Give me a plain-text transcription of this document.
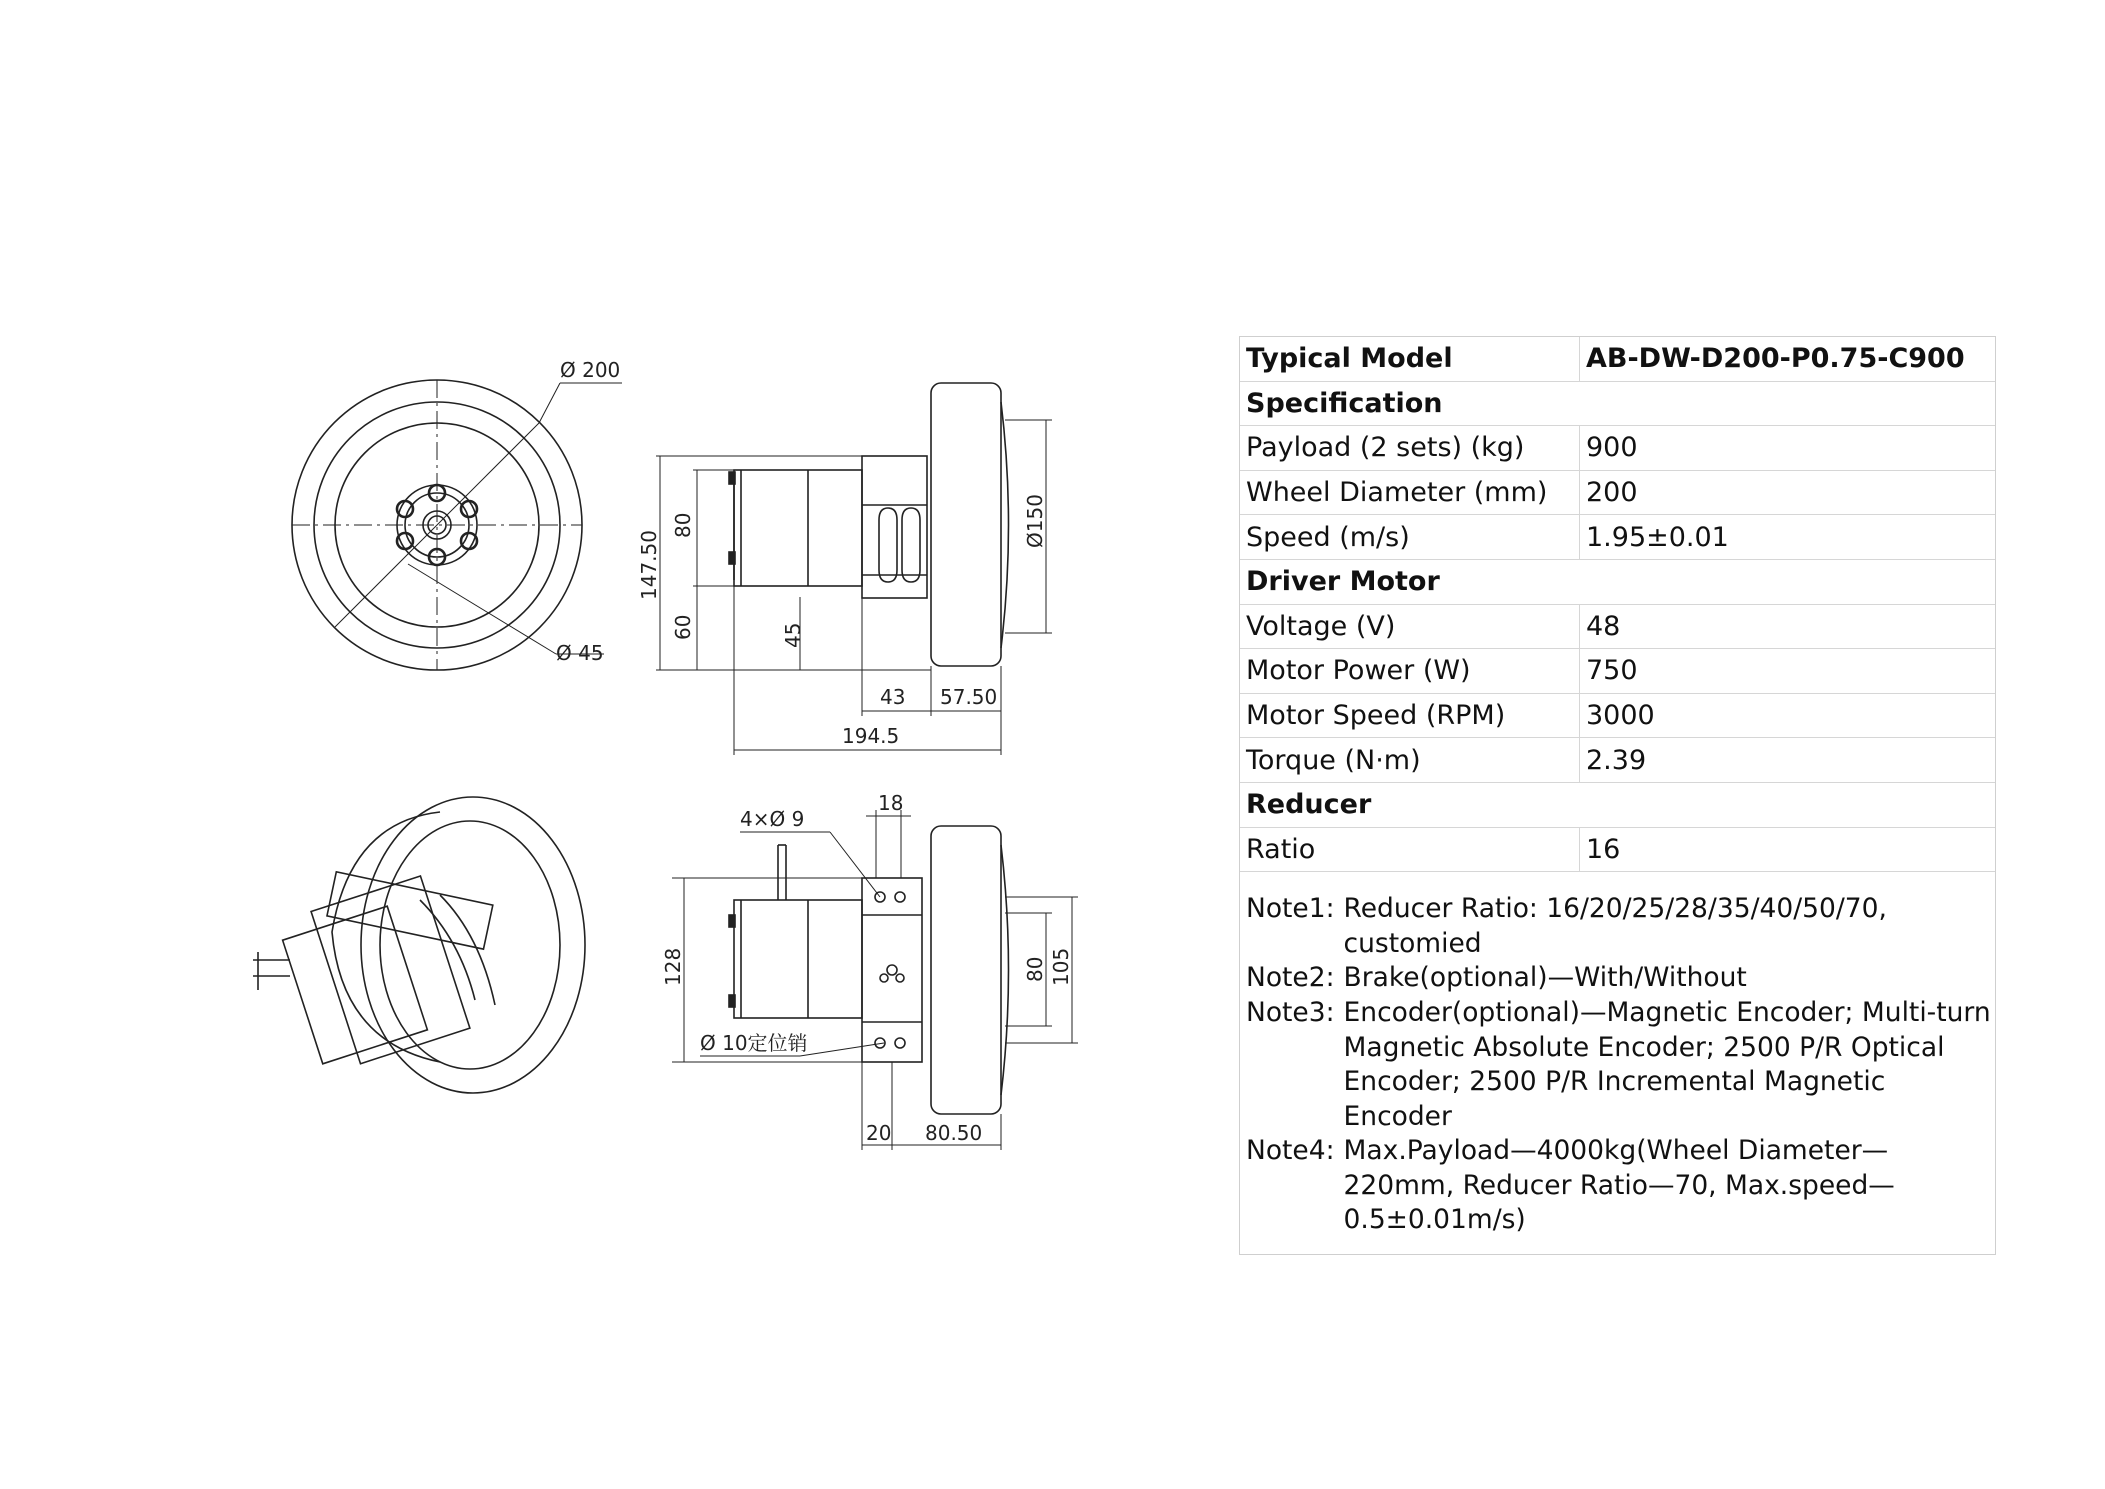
Ø 200
Ø 45
Ø150
147.50
80
60	45
43 57.50
194.5
4×Ø 9
18
128
Ø 10定位销
80 105
20 80.50
Typical Model	AB-DW-D200-P0.75-C900
Specification	
Payload (2 sets) (kg)	900
Wheel Diameter (mm)	200
Speed (m/s)	1.95±0.01
Driver Motor	
Voltage (V)	48
Motor Power (W)	750
Motor Speed (RPM)	3000
Torque (N·m)	2.39
Reducer	
Ratio	16
Note1: Reducer Ratio: 16/20/25/28/35/40/50/70, customied
Note2: Brake(optional)—With/Without
Note3: Encoder(optional)—Magnetic Encoder; Multi-turn Magnetic Absolute Encoder; 2500 P/R Optical Encoder; 2500 P/R Incremental Magnetic Encoder
Note4: Max.Payload—4000kg(Wheel Diameter—220mm, Reducer Ratio—70, Max.speed—0.5±0.01m/s)
